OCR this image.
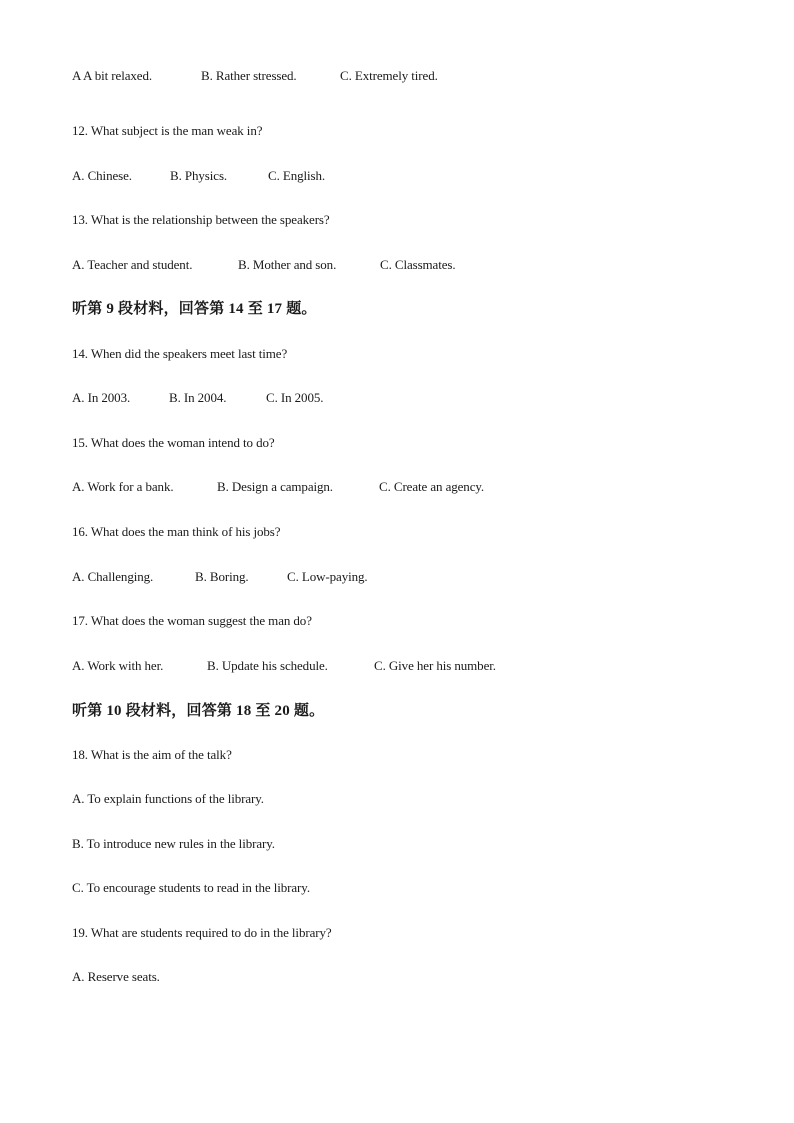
A A bit relaxed.	B. Rather stressed.	C. Extremely tired.
12. What subject is the man weak in?
A. Chinese.	B. Physics.	C. English.
13. What is the relationship between the speakers?
A. Teacher and student.	B. Mother and son.	C. Classmates.
听第 9 段材料，回答第 14 至 17 题。
14. When did the speakers meet last time?
A. In 2003.	B. In 2004.	C. In 2005.
15. What does the woman intend to do?
A. Work for a bank.	B. Design a campaign.	C. Create an agency.
16. What does the man think of his jobs?
A. Challenging.	B. Boring.	C. Low-paying.
17. What does the woman suggest the man do?
A. Work with her.	B. Update his schedule.	C. Give her his number.
听第 10 段材料，回答第 18 至 20 题。
18. What is the aim of the talk?
A. To explain functions of the library.
B. To introduce new rules in the library.
C. To encourage students to read in the library.
19. What are students required to do in the library?
A. Reserve seats.
